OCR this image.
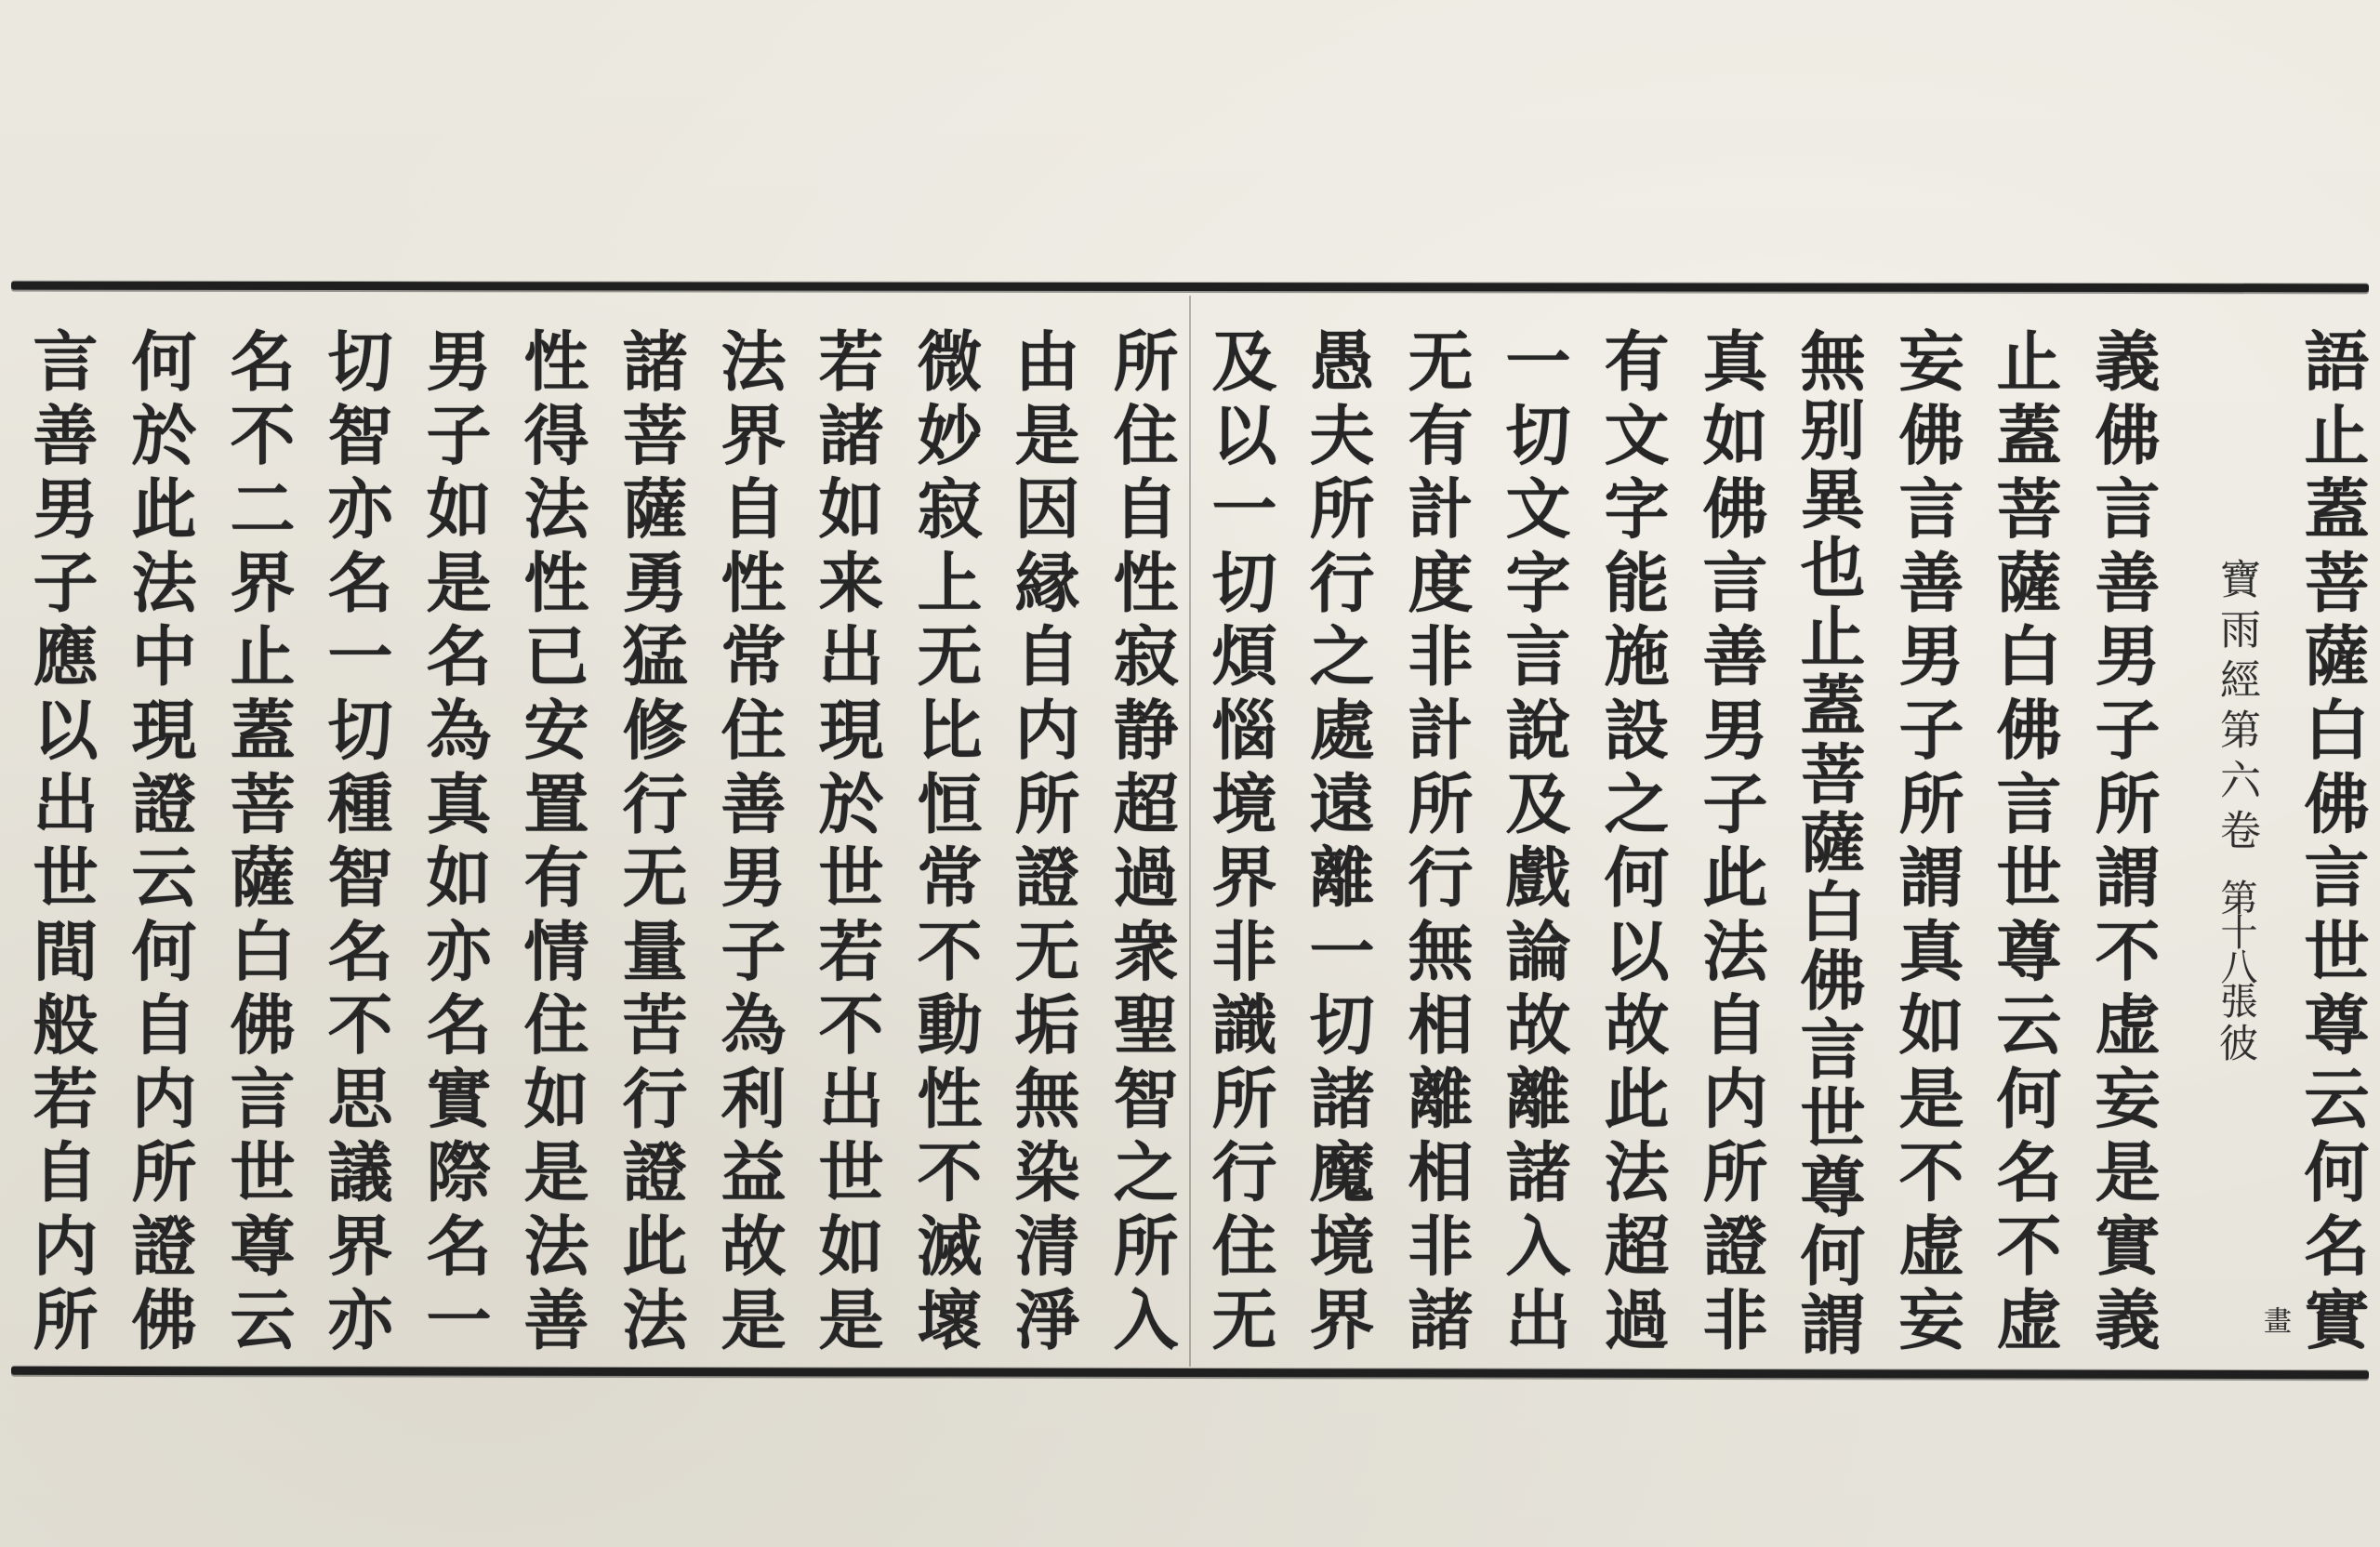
語止蓋菩薩白佛言世尊云何名實
寶雨經第六卷
第十八張
彼
畫
義佛言善男子所謂不虚妄是實義
止蓋菩薩白佛言世尊云何名不虚
妄佛言善男子所謂真如是不虚妄
無别異也止蓋菩薩白佛言世尊何謂
真如佛言善男子此法自内所證非
有文字能施設之何以故此法超過
一切文字言說及戲論故離諸入出
无有計度非計所行無相離相非諸
愚夫所行之處遠離一切諸魔境界
及以一切煩惱境界非識所行住无
所住自性寂静超過衆聖智之所入
由是因縁自内所證无垢無染清淨
微妙寂上无比恒常不動性不滅壞
若諸如来出現於世若不出世如是
法界自性常住善男子為利益故是
諸菩薩勇猛修行无量苦行證此法
性得法性已安置有情住如是法善
男子如是名為真如亦名實際名一
切智亦名一切種智名不思議界亦
名不二界止蓋菩薩白佛言世尊云
何於此法中現證云何自内所證佛
言善男子應以出世間般若自内所
